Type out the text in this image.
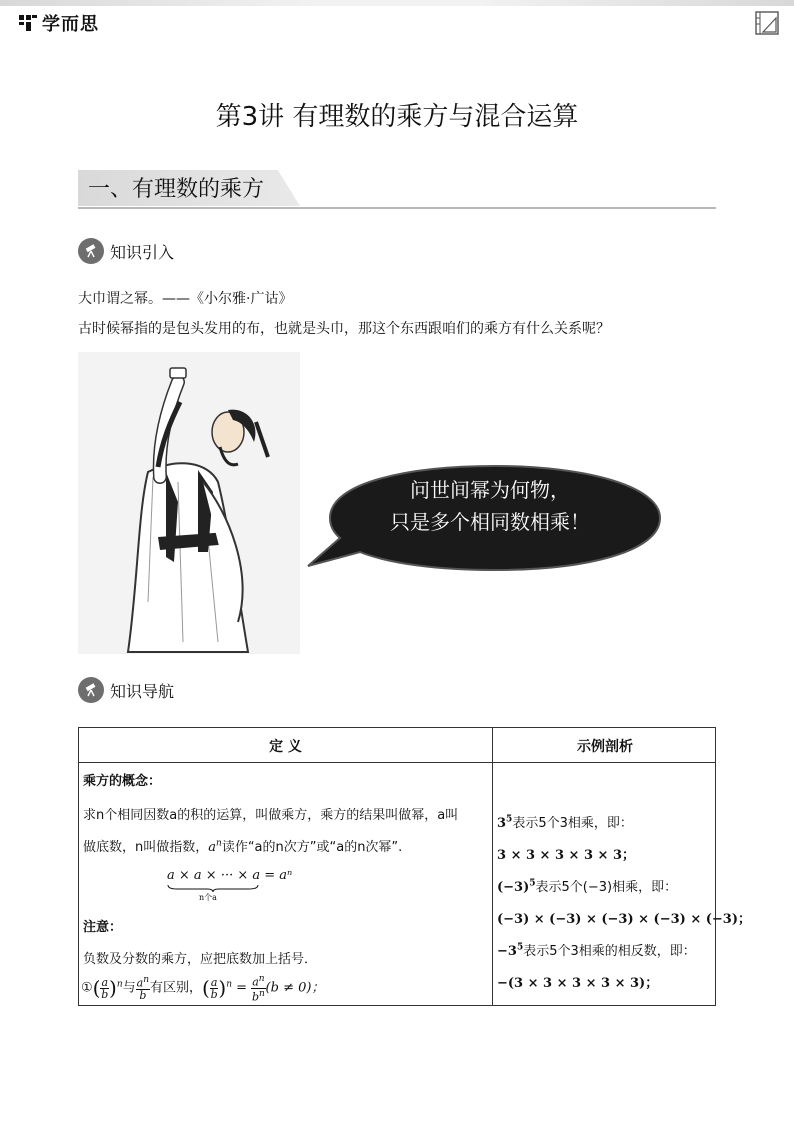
学而思
第3讲 有理数的乘方与混合运算
一、有理数的乘方
知识引入
大巾谓之幂。——《小尔雅·广诂》
古时候幂指的是包头发用的布，也就是头巾，那这个东西跟咱们的乘方有什么关系呢？
问世间幂为何物，
只是多个相同数相乘！
知识导航
定 义	示例剖析
乘方的概念：
求n个相同因数a的积的运算，叫做乘方，乘方的结果叫做幂，a叫
做底数，n叫做指数，$a^n$读作“a的n次方”或“a的n次幂”.
a × a × ··· × a
n个a
= aⁿ
注意：
负数及分数的乘方，应把底数加上括号．
①( $\frac{a}{b} )^n$与 $\frac{a^n}{b}$ 有区别，( $\frac{a}{b} )^n = \frac{a^n}{b^n} (b \ne 0)$；
$3^5$表示5个3相乘，即：
3 × 3 × 3 × 3 × 3；
$(-3)^5$表示5个(−3)相乘，即：
(−3) × (−3) × (−3) × (−3) × (−3)；
$-3^5$表示5个3相乘的相反数，即：
−(3 × 3 × 3 × 3 × 3)；
